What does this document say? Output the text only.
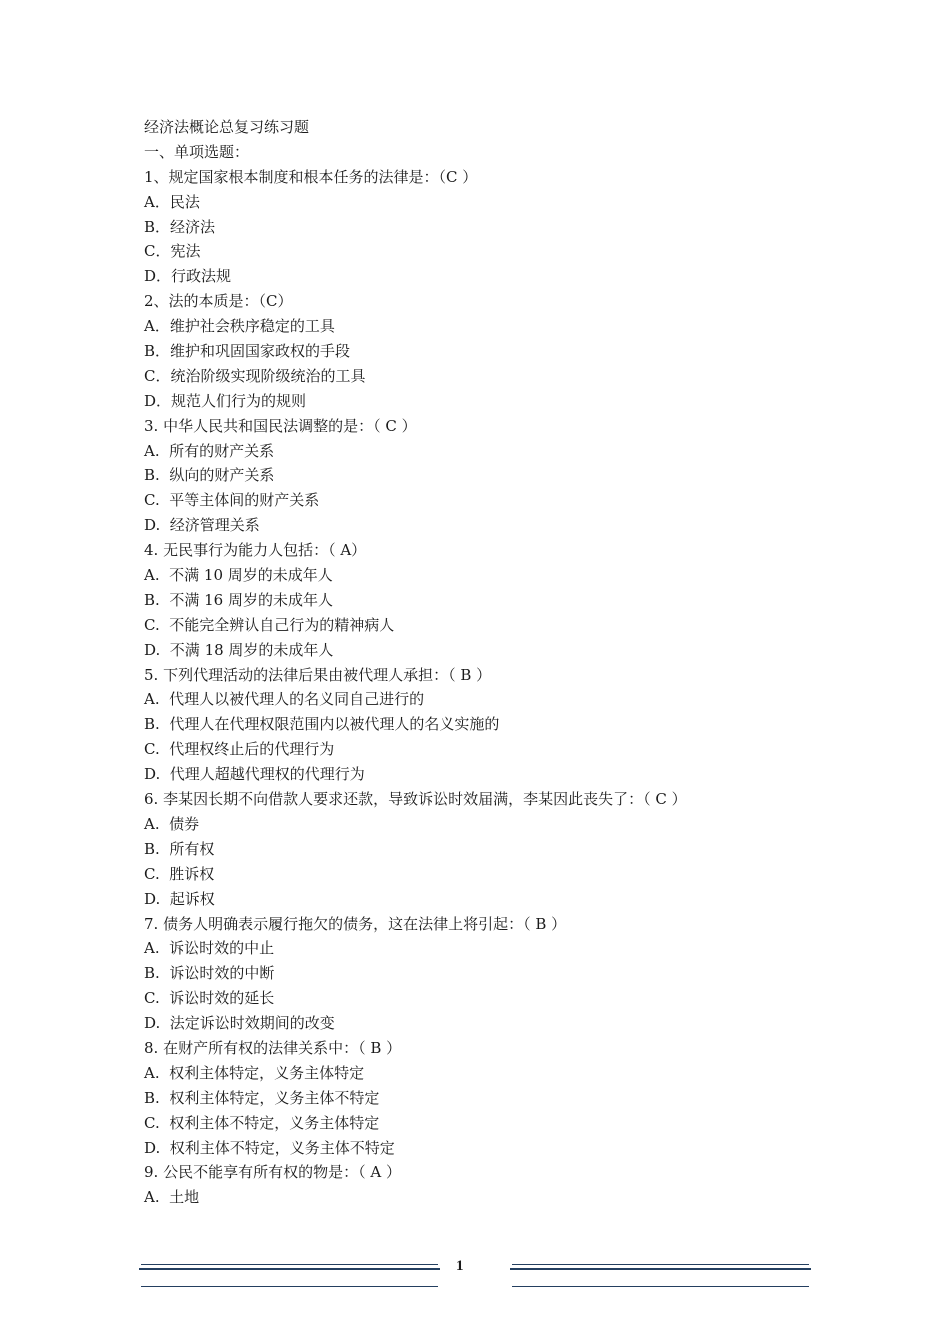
经济法概论总复习练习题
一、单项选题：
1、规定国家根本制度和根本任务的法律是：（C ）
A．民法
B．经济法
C．宪法
D．行政法规
2、法的本质是：（C）
A．维护社会秩序稳定的工具
B．维护和巩固国家政权的手段
C．统治阶级实现阶级统治的工具
D．规范人们行为的规则
3. 中华人民共和国民法调整的是：（ C ）
A.  所有的财产关系
B.  纵向的财产关系
C.  平等主体间的财产关系
D.  经济管理关系
4. 无民事行为能力人包括：（ A）
A.  不满 10 周岁的未成年人
B.  不满 16 周岁的未成年人
C.  不能完全辨认自己行为的精神病人
D.  不满 18 周岁的未成年人
5. 下列代理活动的法律后果由被代理人承担：（ B ）
A.  代理人以被代理人的名义同自己进行的
B.  代理人在代理权限范围内以被代理人的名义实施的
C.  代理权终止后的代理行为
D.  代理人超越代理权的代理行为
6. 李某因长期不向借款人要求还款，导致诉讼时效届满，李某因此丧失了：（ C ）
A.  债券
B.  所有权
C.  胜诉权
D.  起诉权
7. 债务人明确表示履行拖欠的债务，这在法律上将引起：（ B ）
A.  诉讼时效的中止
B.  诉讼时效的中断
C.  诉讼时效的延长
D.  法定诉讼时效期间的改变
8. 在财产所有权的法律关系中：（ B ）
A.  权利主体特定，义务主体特定
B.  权利主体特定，义务主体不特定
C.  权利主体不特定，义务主体特定
D.  权利主体不特定，义务主体不特定
9. 公民不能享有所有权的物是：（ A ）
A.  土地
1
